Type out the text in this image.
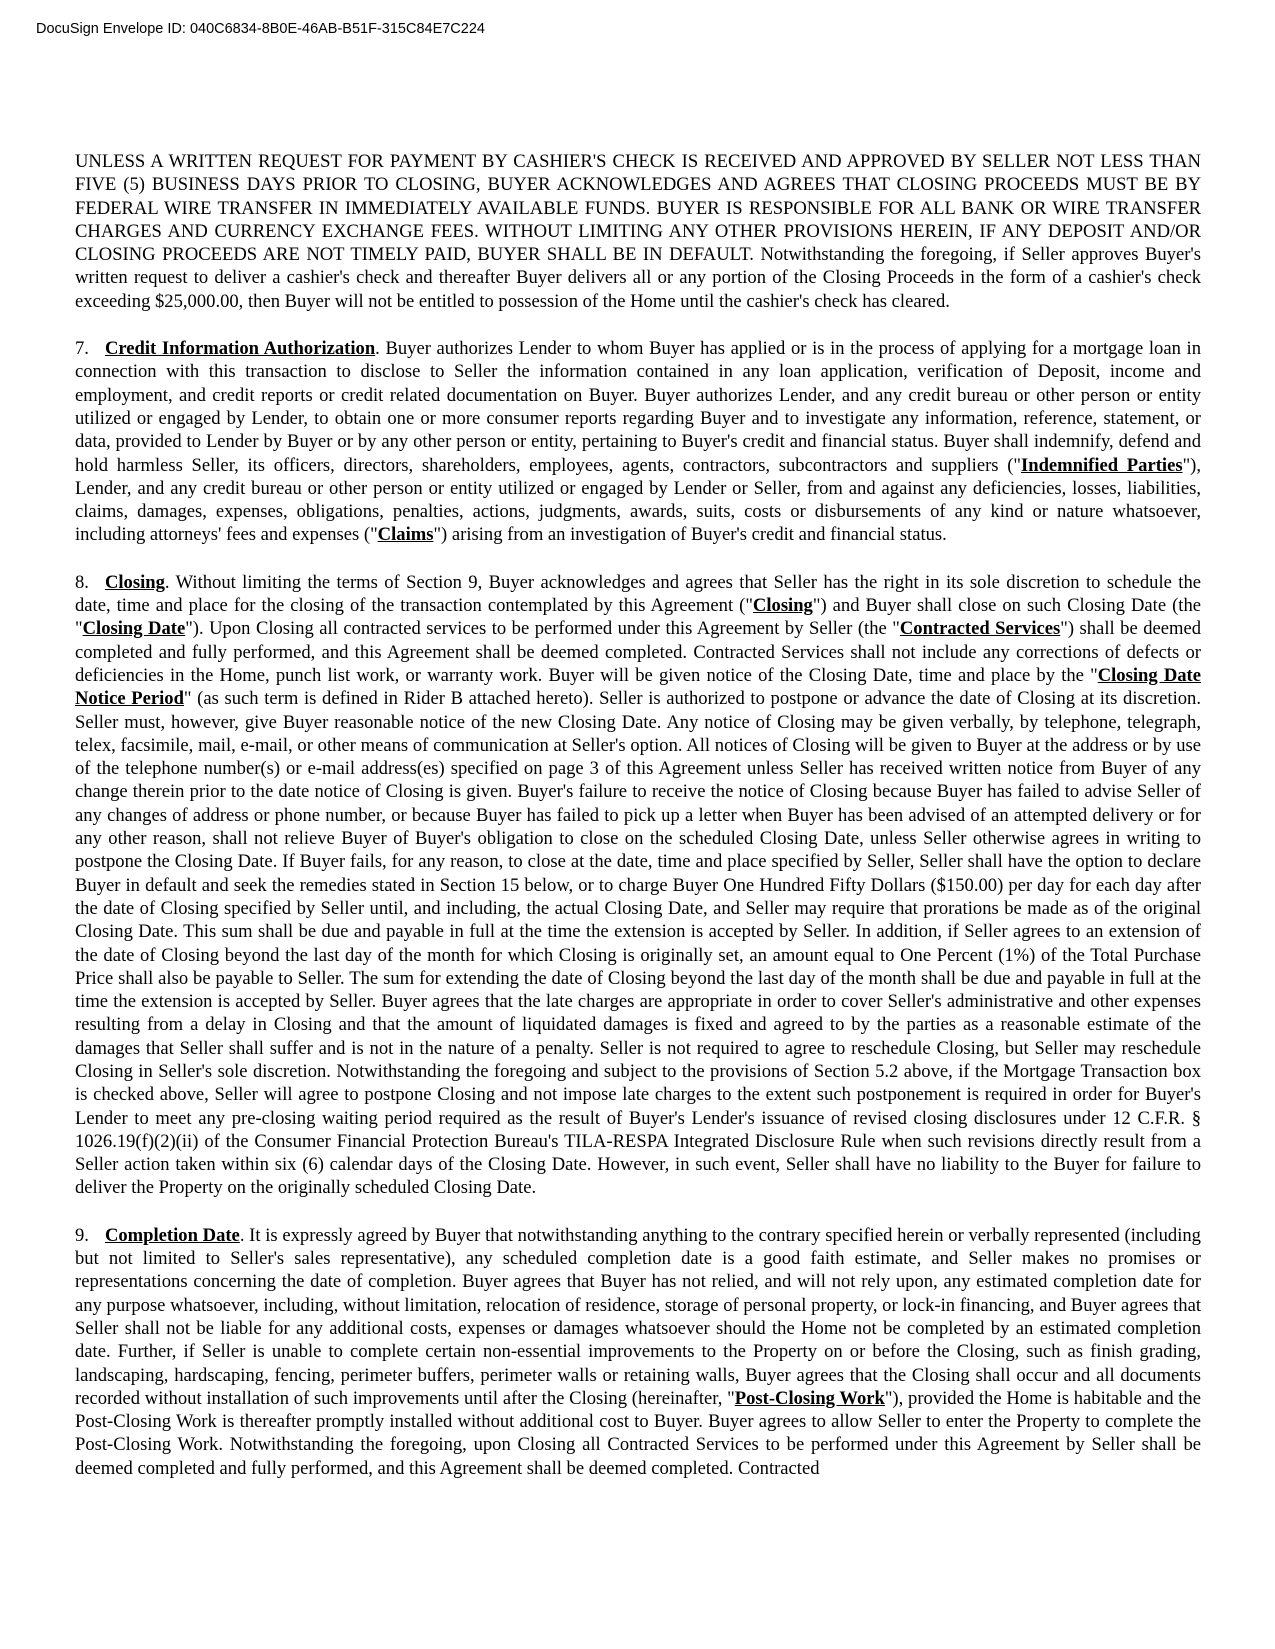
DocuSign Envelope ID: 040C6834-8B0E-46AB-B51F-315C84E7C224

UNLESS A WRITTEN REQUEST FOR PAYMENT BY CASHIER'S CHECK IS RECEIVED AND APPROVED BY SELLER NOT LESS THAN FIVE (5) BUSINESS DAYS PRIOR TO CLOSING, BUYER ACKNOWLEDGES AND AGREES THAT CLOSING PROCEEDS MUST BE BY FEDERAL WIRE TRANSFER IN IMMEDIATELY AVAILABLE FUNDS. BUYER IS RESPONSIBLE FOR ALL BANK OR WIRE TRANSFER CHARGES AND CURRENCY EXCHANGE FEES. WITHOUT LIMITING ANY OTHER PROVISIONS HEREIN, IF ANY DEPOSIT AND/OR CLOSING PROCEEDS ARE NOT TIMELY PAID, BUYER SHALL BE IN DEFAULT. Notwithstanding the foregoing, if Seller approves Buyer's written request to deliver a cashier's check and thereafter Buyer delivers all or any portion of the Closing Proceeds in the form of a cashier's check exceeding $25,000.00, then Buyer will not be entitled to possession of the Home until the cashier's check has cleared.

7. Credit Information Authorization. Buyer authorizes Lender to whom Buyer has applied or is in the process of applying for a mortgage loan in connection with this transaction to disclose to Seller the information contained in any loan application, verification of Deposit, income and employment, and credit reports or credit related documentation on Buyer. Buyer authorizes Lender, and any credit bureau or other person or entity utilized or engaged by Lender, to obtain one or more consumer reports regarding Buyer and to investigate any information, reference, statement, or data, provided to Lender by Buyer or by any other person or entity, pertaining to Buyer's credit and financial status. Buyer shall indemnify, defend and hold harmless Seller, its officers, directors, shareholders, employees, agents, contractors, subcontractors and suppliers ("Indemnified Parties"), Lender, and any credit bureau or other person or entity utilized or engaged by Lender or Seller, from and against any deficiencies, losses, liabilities, claims, damages, expenses, obligations, penalties, actions, judgments, awards, suits, costs or disbursements of any kind or nature whatsoever, including attorneys' fees and expenses ("Claims") arising from an investigation of Buyer's credit and financial status.

8. Closing. Without limiting the terms of Section 9, Buyer acknowledges and agrees that Seller has the right in its sole discretion to schedule the date, time and place for the closing of the transaction contemplated by this Agreement ("Closing") and Buyer shall close on such Closing Date (the "Closing Date"). Upon Closing all contracted services to be performed under this Agreement by Seller (the "Contracted Services") shall be deemed completed and fully performed, and this Agreement shall be deemed completed. Contracted Services shall not include any corrections of defects or deficiencies in the Home, punch list work, or warranty work. Buyer will be given notice of the Closing Date, time and place by the "Closing Date Notice Period" (as such term is defined in Rider B attached hereto). Seller is authorized to postpone or advance the date of Closing at its discretion. Seller must, however, give Buyer reasonable notice of the new Closing Date. Any notice of Closing may be given verbally, by telephone, telegraph, telex, facsimile, mail, e-mail, or other means of communication at Seller's option. All notices of Closing will be given to Buyer at the address or by use of the telephone number(s) or e-mail address(es) specified on page 3 of this Agreement unless Seller has received written notice from Buyer of any change therein prior to the date notice of Closing is given. Buyer's failure to receive the notice of Closing because Buyer has failed to advise Seller of any changes of address or phone number, or because Buyer has failed to pick up a letter when Buyer has been advised of an attempted delivery or for any other reason, shall not relieve Buyer of Buyer's obligation to close on the scheduled Closing Date, unless Seller otherwise agrees in writing to postpone the Closing Date. If Buyer fails, for any reason, to close at the date, time and place specified by Seller, Seller shall have the option to declare Buyer in default and seek the remedies stated in Section 15 below, or to charge Buyer One Hundred Fifty Dollars ($150.00) per day for each day after the date of Closing specified by Seller until, and including, the actual Closing Date, and Seller may require that prorations be made as of the original Closing Date. This sum shall be due and payable in full at the time the extension is accepted by Seller. In addition, if Seller agrees to an extension of the date of Closing beyond the last day of the month for which Closing is originally set, an amount equal to One Percent (1%) of the Total Purchase Price shall also be payable to Seller. The sum for extending the date of Closing beyond the last day of the month shall be due and payable in full at the time the extension is accepted by Seller. Buyer agrees that the late charges are appropriate in order to cover Seller's administrative and other expenses resulting from a delay in Closing and that the amount of liquidated damages is fixed and agreed to by the parties as a reasonable estimate of the damages that Seller shall suffer and is not in the nature of a penalty. Seller is not required to agree to reschedule Closing, but Seller may reschedule Closing in Seller's sole discretion. Notwithstanding the foregoing and subject to the provisions of Section 5.2 above, if the Mortgage Transaction box is checked above, Seller will agree to postpone Closing and not impose late charges to the extent such postponement is required in order for Buyer's Lender to meet any pre-closing waiting period required as the result of Buyer's Lender's issuance of revised closing disclosures under 12 C.F.R. § 1026.19(f)(2)(ii) of the Consumer Financial Protection Bureau's TILA-RESPA Integrated Disclosure Rule when such revisions directly result from a Seller action taken within six (6) calendar days of the Closing Date. However, in such event, Seller shall have no liability to the Buyer for failure to deliver the Property on the originally scheduled Closing Date.

9. Completion Date. It is expressly agreed by Buyer that notwithstanding anything to the contrary specified herein or verbally represented (including but not limited to Seller's sales representative), any scheduled completion date is a good faith estimate, and Seller makes no promises or representations concerning the date of completion. Buyer agrees that Buyer has not relied, and will not rely upon, any estimated completion date for any purpose whatsoever, including, without limitation, relocation of residence, storage of personal property, or lock-in financing, and Buyer agrees that Seller shall not be liable for any additional costs, expenses or damages whatsoever should the Home not be completed by an estimated completion date. Further, if Seller is unable to complete certain non-essential improvements to the Property on or before the Closing, such as finish grading, landscaping, hardscaping, fencing, perimeter buffers, perimeter walls or retaining walls, Buyer agrees that the Closing shall occur and all documents recorded without installation of such improvements until after the Closing (hereinafter, "Post-Closing Work"), provided the Home is habitable and the Post-Closing Work is thereafter promptly installed without additional cost to Buyer. Buyer agrees to allow Seller to enter the Property to complete the Post-Closing Work. Notwithstanding the foregoing, upon Closing all Contracted Services to be performed under this Agreement by Seller shall be deemed completed and fully performed, and this Agreement shall be deemed completed. Contracted
